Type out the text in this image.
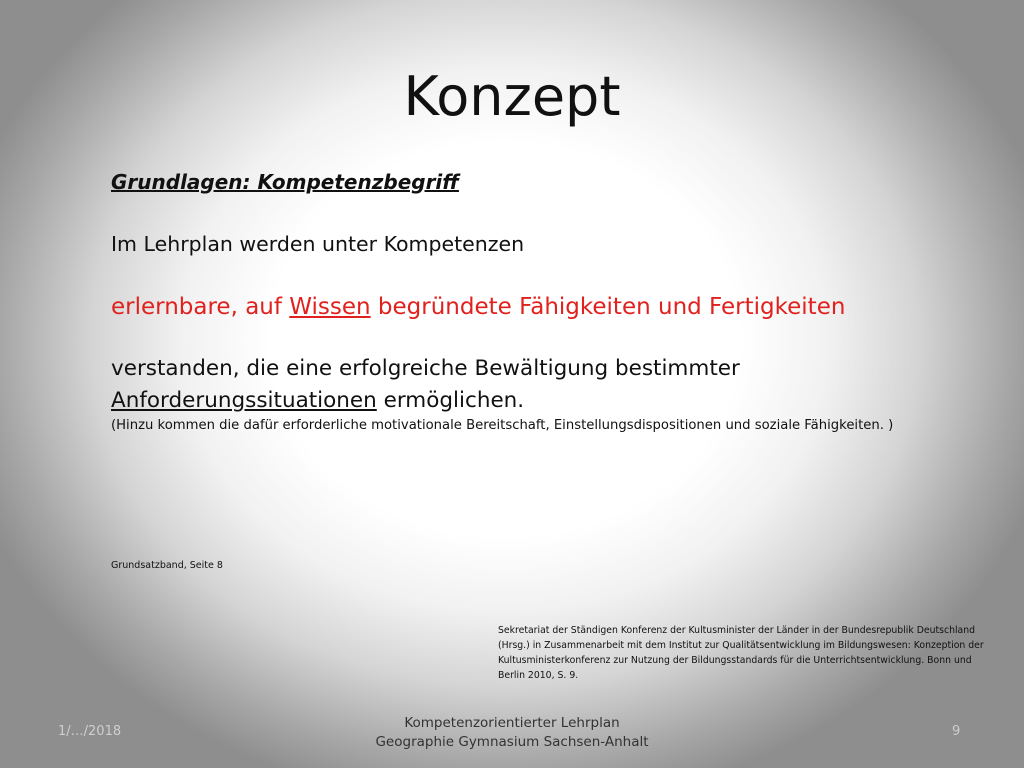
Konzept
Grundlagen: Kompetenzbegriff
Im Lehrplan werden unter Kompetenzen
erlernbare, auf Wissen begründete Fähigkeiten und Fertigkeiten
verstanden, die eine erfolgreiche Bewältigung bestimmter
Anforderungssituationen ermöglichen.
(Hinzu kommen die dafür erforderliche motivationale Bereitschaft, Einstellungsdispositionen und soziale Fähigkeiten. )
Grundsatzband, Seite 8
Sekretariat der Ständigen Konferenz der Kultusminister der Länder in der Bundesrepublik Deutschland (Hrsg.) in Zusammenarbeit mit dem Institut zur Qualitätsentwicklung im Bildungswesen: Konzeption der Kultusministerkonferenz zur Nutzung der Bildungsstandards für die Unterrichtsentwicklung. Bonn und Berlin 2010, S. 9.
1/…/2018
Kompetenzorientierter Lehrplan
Geographie Gymnasium Sachsen-Anhalt
9
